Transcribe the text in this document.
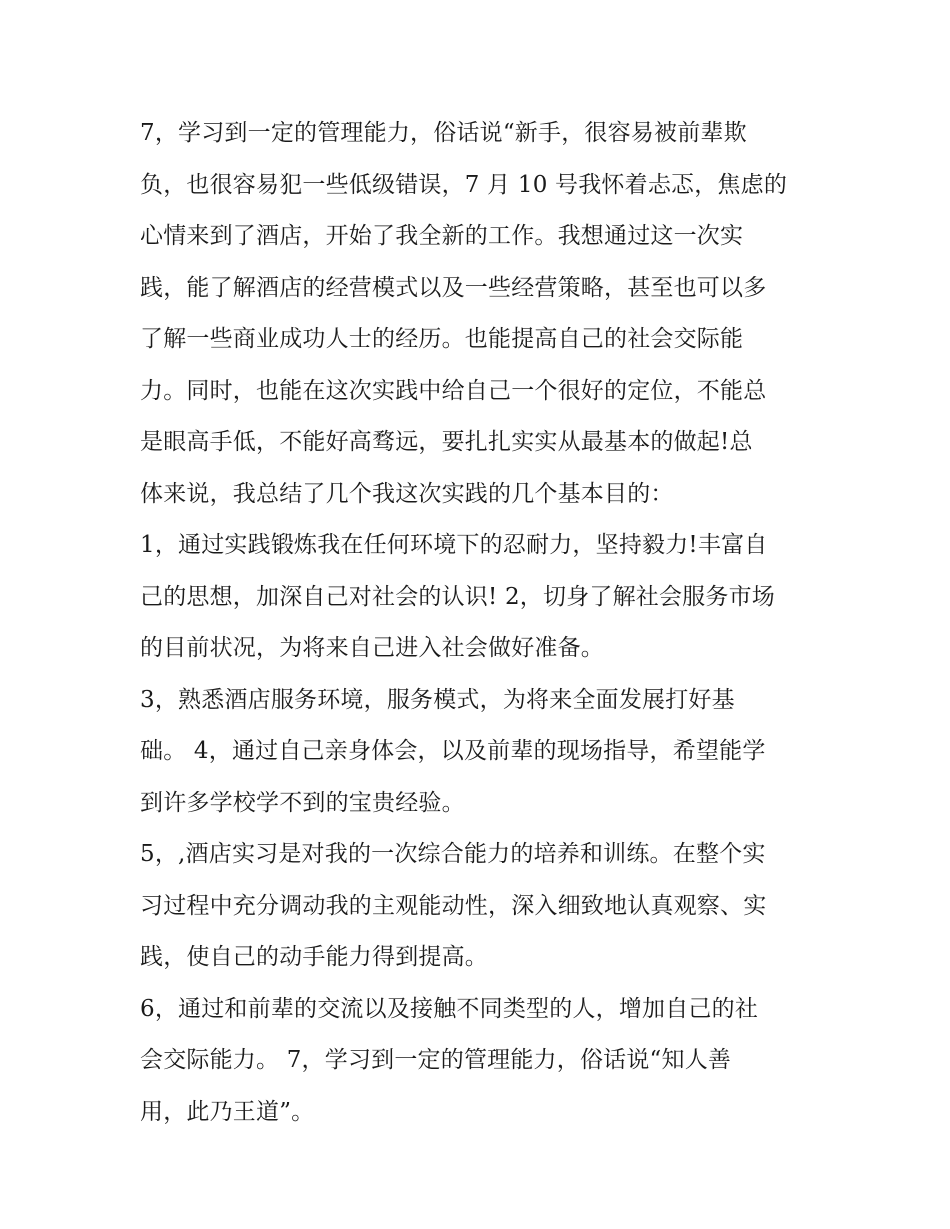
7，学习到一定的管理能力，俗话说“新手，很容易被前辈欺
负，也很容易犯一些低级错误，7 月 10 号我怀着忐忑，焦虑的
心情来到了酒店，开始了我全新的工作。我想通过这一次实
践，能了解酒店的经营模式以及一些经营策略，甚至也可以多
了解一些商业成功人士的经历。也能提高自己的社会交际能
力。同时，也能在这次实践中给自己一个很好的定位，不能总
是眼高手低，不能好高骛远，要扎扎实实从最基本的做起!总
体来说，我总结了几个我这次实践的几个基本目的：
1，通过实践锻炼我在任何环境下的忍耐力，坚持毅力!丰富自
己的思想，加深自己对社会的认识! 2，切身了解社会服务市场
的目前状况，为将来自己进入社会做好准备。
3，熟悉酒店服务环境，服务模式，为将来全面发展打好基
础。 4，通过自己亲身体会，以及前辈的现场指导，希望能学
到许多学校学不到的宝贵经验。
5，,酒店实习是对我的一次综合能力的培养和训练。在整个实
习过程中充分调动我的主观能动性，深入细致地认真观察、实
践，使自己的动手能力得到提高。
6，通过和前辈的交流以及接触不同类型的人，增加自己的社
会交际能力。 7，学习到一定的管理能力，俗话说“知人善
用，此乃王道”。
